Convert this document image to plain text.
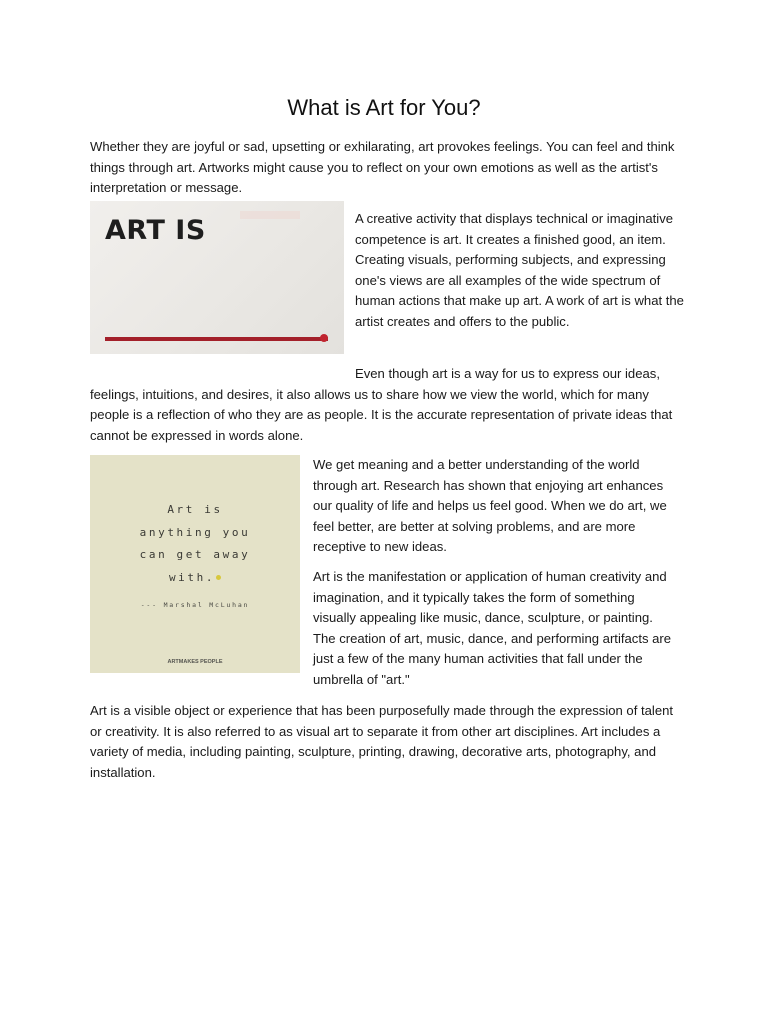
What is Art for You?

Whether they are joyful or sad, upsetting or exhilarating, art provokes feelings. You can feel and think things through art. Artworks might cause you to reflect on your own emotions as well as the artist's interpretation or message.

ART IS	A creative activity that displays technical or imaginative competence is art. It creates a finished good, an item. Creating visuals, performing subjects, and expressing one's views are all examples of the wide spectrum of human actions that make up art. A work of art is what the artist creates and offers to the public.

Even though art is a way for us to express our ideas, feelings, intuitions, and desires, it also allows us to share how we view the world, which for many people is a reflection of who they are as people. It is the accurate representation of private ideas that cannot be expressed in words alone.

Art is
anything you
can get away
with.
--- Marshal McLuhan
ARTMAKES PEOPLE

We get meaning and a better understanding of the world through art. Research has shown that enjoying art enhances our quality of life and helps us feel good. When we do art, we feel better, are better at solving problems, and are more receptive to new ideas.

Art is the manifestation or application of human creativity and imagination, and it typically takes the form of something visually appealing like music, dance, sculpture, or painting. The creation of art, music, dance, and performing artifacts are just a few of the many human activities that fall under the umbrella of "art."

Art is a visible object or experience that has been purposefully made through the expression of talent or creativity. It is also referred to as visual art to separate it from other art disciplines. Art includes a variety of media, including painting, sculpture, printing, drawing, decorative arts, photography, and installation.
